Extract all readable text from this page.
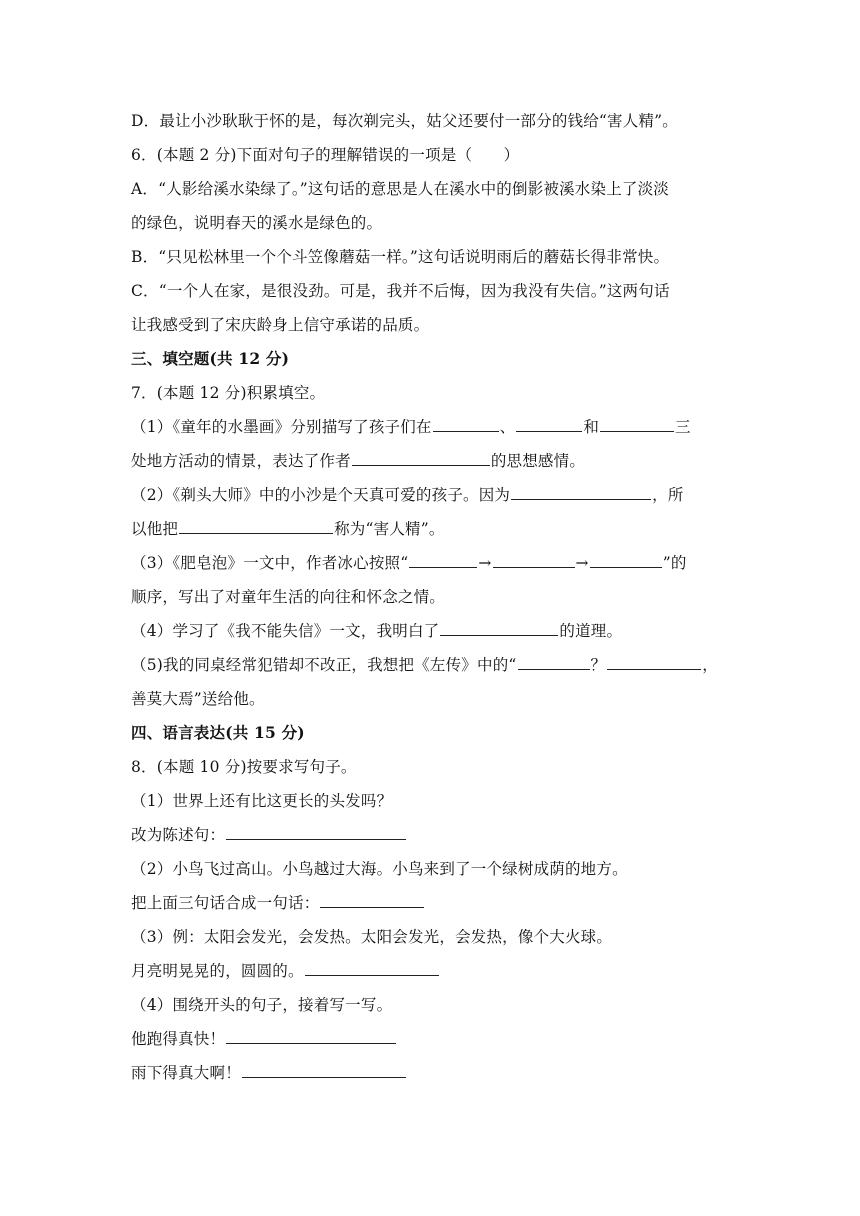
D．最让小沙耿耿于怀的是，每次剃完头，姑父还要付一部分的钱给“害人精”。
6．(本题 2 分)下面对句子的理解错误的一项是（　　）
A．“人影给溪水染绿了。”这句话的意思是人在溪水中的倒影被溪水染上了淡淡
的绿色，说明春天的溪水是绿色的。
B．“只见松林里一个个斗笠像蘑菇一样。”这句话说明雨后的蘑菇长得非常快。
C．“一个人在家，是很没劲。可是，我并不后悔，因为我没有失信。”这两句话
让我感受到了宋庆龄身上信守承诺的品质。
三、填空题(共 12 分)
7．(本题 12 分)积累填空。
（1）《童年的水墨画》分别描写了孩子们在	、	和	三
处地方活动的情景，表达了作者	的思想感情。
（2）《剃头大师》中的小沙是个天真可爱的孩子。因为	，所
以他把	称为“害人精”。
（3）《肥皂泡》一文中，作者冰心按照“	→	→	”的
顺序，写出了对童年生活的向往和怀念之情。
（4）学习了《我不能失信》一文，我明白了	的道理。
（5)我的同桌经常犯错却不改正，我想把《左传》中的“	？	，
善莫大焉”送给他。
四、语言表达(共 15 分)
8．(本题 10 分)按要求写句子。
（1）世界上还有比这更长的头发吗？
改为陈述句：
（2）小鸟飞过高山。小鸟越过大海。小鸟来到了一个绿树成荫的地方。
把上面三句话合成一句话：
（3）例：太阳会发光，会发热。太阳会发光，会发热，像个大火球。
月亮明晃晃的，圆圆的。
（4）围绕开头的句子，接着写一写。
他跑得真快！
雨下得真大啊！
